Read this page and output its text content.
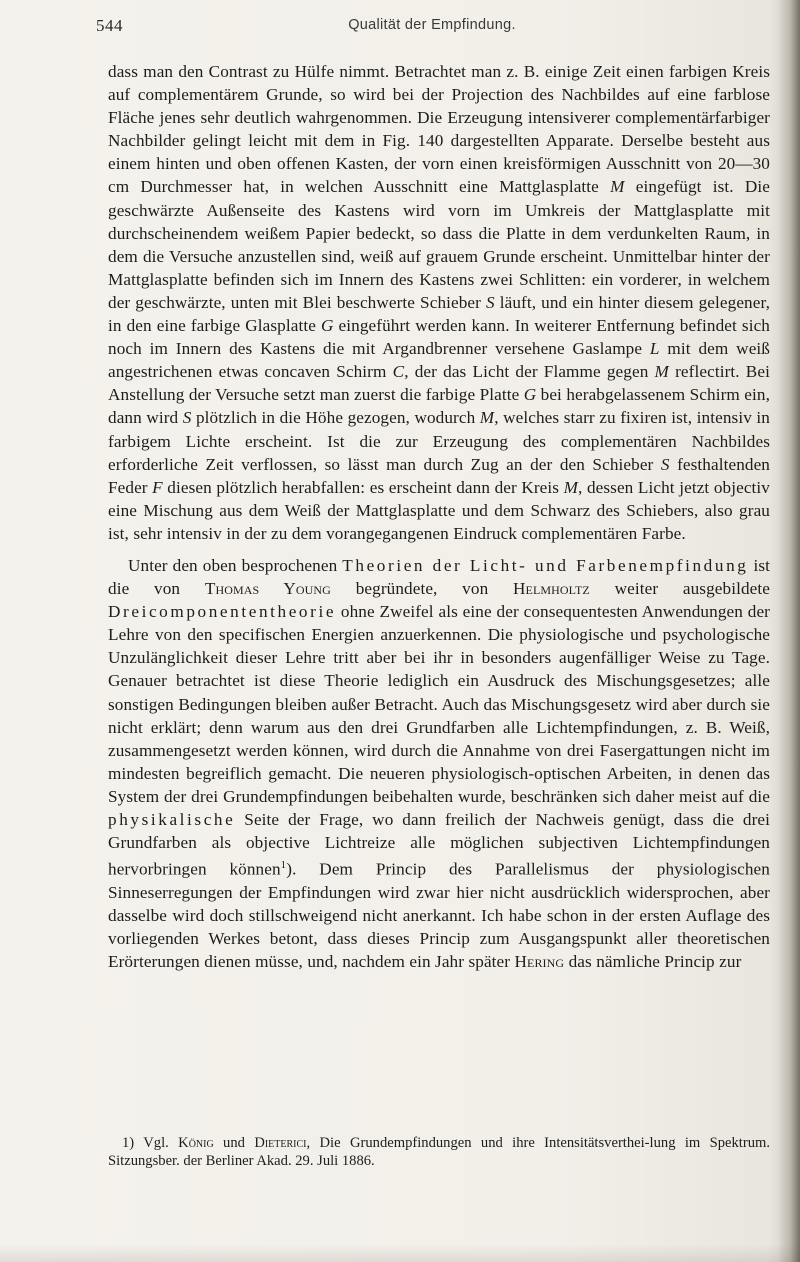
544	Qualität der Empfindung.

dass man den Contrast zu Hülfe nimmt. Betrachtet man z. B. einige Zeit einen farbigen Kreis auf complementärem Grunde, so wird bei der Projection des Nachbildes auf eine farblose Fläche jenes sehr deutlich wahrgenommen. Die Erzeugung intensiverer complementärfarbiger Nachbilder gelingt leicht mit dem in Fig. 140 dargestellten Apparate. Derselbe besteht aus einem hinten und oben offenen Kasten, der vorn einen kreisförmigen Ausschnitt von 20—30 cm Durchmesser hat, in welchen Ausschnitt eine Mattglasplatte M eingefügt ist. Die geschwärzte Außenseite des Kastens wird vorn im Umkreis der Mattglasplatte mit durchscheinendem weißem Papier bedeckt, so dass die Platte in dem verdunkelten Raum, in dem die Versuche anzustellen sind, weiß auf grauem Grunde erscheint. Unmittelbar hinter der Mattglasplatte befinden sich im Innern des Kastens zwei Schlitten: ein vorderer, in welchem der geschwärzte, unten mit Blei beschwerte Schieber S läuft, und ein hinter diesem gelegener, in den eine farbige Glasplatte G eingeführt werden kann. In weiterer Entfernung befindet sich noch im Innern des Kastens die mit Argandbrenner versehene Gaslampe L mit dem weiß angestrichenen etwas concaven Schirm C, der das Licht der Flamme gegen M reflectirt. Bei Anstellung der Versuche setzt man zuerst die farbige Platte G bei herabgelassenem Schirm ein, dann wird S plötzlich in die Höhe gezogen, wodurch M, welches starr zu fixiren ist, intensiv in farbigem Lichte erscheint. Ist die zur Erzeugung des complementären Nachbildes erforderliche Zeit verflossen, so lässt man durch Zug an der den Schieber S festhaltenden Feder F diesen plötzlich herabfallen: es erscheint dann der Kreis M, dessen Licht jetzt objectiv eine Mischung aus dem Weiß der Mattglasplatte und dem Schwarz des Schiebers, also grau ist, sehr intensiv in der zu dem vorangegangenen Eindruck complementären Farbe.

Unter den oben besprochenen Theorien der Licht- und Farbenempfindung ist die von Thomas Young begründete, von Helmholtz weiter ausgebildete Dreicomponententheorie ohne Zweifel als eine der consequentesten Anwendungen der Lehre von den specifischen Energien anzuerkennen. Die physiologische und psychologische Unzulänglichkeit dieser Lehre tritt aber bei ihr in besonders augenfälliger Weise zu Tage. Genauer betrachtet ist diese Theorie lediglich ein Ausdruck des Mischungsgesetzes; alle sonstigen Bedingungen bleiben außer Betracht. Auch das Mischungsgesetz wird aber durch sie nicht erklärt; denn warum aus den drei Grundfarben alle Lichtempfindungen, z. B. Weiß, zusammengesetzt werden können, wird durch die Annahme von drei Fasergattungen nicht im mindesten begreiflich gemacht. Die neueren physiologisch-optischen Arbeiten, in denen das System der drei Grundempfindungen beibehalten wurde, beschränken sich daher meist auf die physikalische Seite der Frage, wo dann freilich der Nachweis genügt, dass die drei Grundfarben als objective Lichtreize alle möglichen subjectiven Lichtempfindungen hervorbringen können$^1$). Dem Princip des Parallelismus der physiologischen Sinneserregungen der Empfindungen wird zwar hier nicht ausdrücklich widersprochen, aber dasselbe wird doch stillschweigend nicht anerkannt. Ich habe schon in der ersten Auflage des vorliegenden Werkes betont, dass dieses Princip zum Ausgangspunkt aller theoretischen Erörterungen dienen müsse, und, nachdem ein Jahr später Hering das nämliche Princip zur

1) Vgl. König und Dieterici, Die Grundempfindungen und ihre Intensitätsverthei-lung im Spektrum. Sitzungsber. der Berliner Akad. 29. Juli 1886.
